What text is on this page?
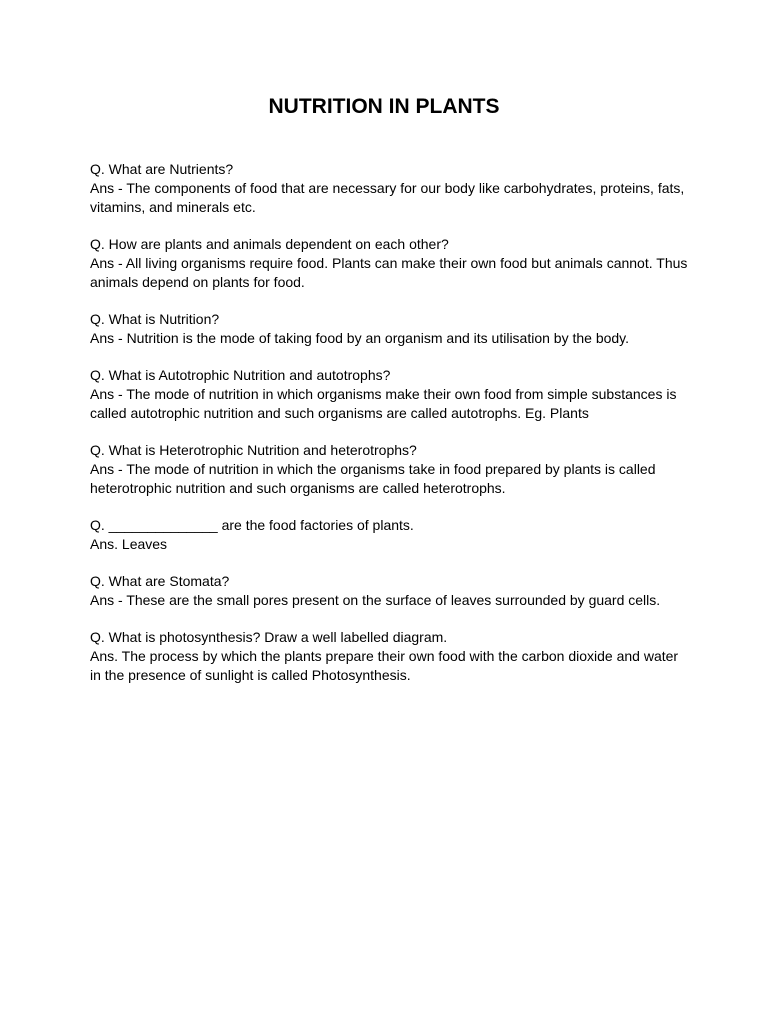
NUTRITION IN PLANTS

Q. What are Nutrients?

Ans - The components of food that are necessary for our body like carbohydrates, proteins, fats, vitamins, and minerals etc.

Q. How are plants and animals dependent on each other?

Ans - All living organisms require food. Plants can make their own food but animals cannot. Thus animals depend on plants for food.

Q. What is Nutrition?

Ans - Nutrition is the mode of taking food by an organism and its utilisation by the body.

Q. What is Autotrophic Nutrition and autotrophs?

Ans - The mode of nutrition in which organisms make their own food from simple substances is called autotrophic nutrition and such organisms are called autotrophs. Eg. Plants

Q. What is Heterotrophic Nutrition and heterotrophs?

Ans - The mode of nutrition in which the organisms take in food prepared by plants is called heterotrophic nutrition and such organisms are called heterotrophs.

Q. ______________ are the food factories of plants.

Ans. Leaves

Q. What are Stomata?

Ans - These are the small pores present on the surface of leaves surrounded by guard cells.

Q. What is photosynthesis? Draw a well labelled diagram.

Ans. The process by which the plants prepare their own food with the carbon dioxide and water in the presence of sunlight is called Photosynthesis.
